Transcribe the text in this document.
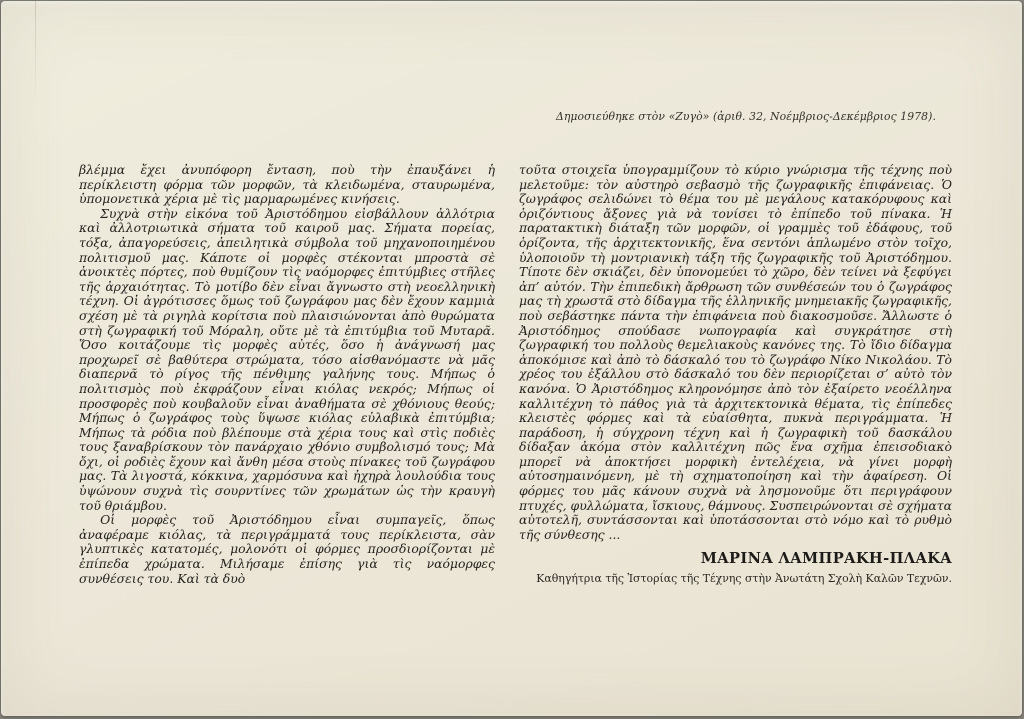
Δημοσιεύθηκε στὸν «Ζυγὸ» (ἀριθ. 32, Νοέμβριος-Δεκέμβριος 1978).

βλέμμα ἔχει ἀνυπόφορη ἔνταση, ποὺ τὴν ἐπαυξάνει ἡ περίκλειστη φόρμα τῶν μορφῶν, τὰ κλειδωμένα, σταυρωμένα, ὑπομονετικὰ χέρια μὲ τὶς μαρμαρωμένες κινήσεις.

Συχνὰ στὴν εἰκόνα τοῦ Ἀριστόδημου εἰσβάλλουν ἀλλότρια καὶ ἀλλοτριωτικὰ σήματα τοῦ καιροῦ μας. Σήματα πορείας, τόξα, ἀπαγορεύσεις, ἀπειλητικὰ σύμβολα τοῦ μηχανοποιημένου πολιτισμοῦ μας. Κάποτε οἱ μορφὲς στέκονται μπροστὰ σὲ ἀνοικτὲς πόρτες, ποὺ θυμίζουν τὶς ναόμορφες ἐπιτύμβιες στῆλες τῆς ἀρχαιότητας. Τὸ μοτίβο δὲν εἶναι ἄγνωστο στὴ νεοελληνικὴ τέχνη. Οἱ ἀγρότισσες ὅμως τοῦ ζωγράφου μας δὲν ἔχουν καμμιὰ σχέση μὲ τὰ ριγηλὰ κορίτσια ποὺ πλαισιώνονται ἀπὸ θυρώματα στὴ ζωγραφική τοῦ Μόραλη, οὔτε μὲ τὰ ἐπιτύμβια τοῦ Μυταρᾶ. Ὅσο κοιτάζουμε τὶς μορφὲς αὐτές, ὅσο ἡ ἀνάγνωσή μας προχωρεῖ σὲ βαθύτερα στρώματα, τόσο αἰσθανόμαστε νὰ μᾶς διαπερνᾶ τὸ ρίγος τῆς πένθιμης γαλήνης τους. Μήπως ὁ πολιτισμὸς ποὺ ἐκφράζουν εἶναι κιόλας νεκρός; Μήπως οἱ προσφορὲς ποὺ κουβαλοῦν εἶναι ἀναθήματα σὲ χθόνιους θεούς; Μήπως ὁ ζωγράφος τοὺς ὕψωσε κιόλας εὐλαβικὰ ἐπιτύμβια; Μήπως τὰ ρόδια ποὺ βλέπουμε στὰ χέρια τους καὶ στὶς ποδιὲς τους ξαναβρίσκουν τὸν πανάρχαιο χθόνιο συμβολισμό τους; Μὰ ὄχι, οἱ ροδιὲς ἔχουν καὶ ἄνθη μέσα στοὺς πίνακες τοῦ ζωγράφου μας. Τὰ λιγοστά, κόκκινα, χαρμόσυνα καὶ ἠχηρὰ λουλούδια τους ὑψώνουν συχνὰ τὶς σουρντίνες τῶν χρωμάτων ὡς τὴν κραυγὴ τοῦ θριάμβου.

Οἱ μορφὲς τοῦ Ἀριστόδημου εἶναι συμπαγεῖς, ὅπως ἀναφέραμε κιόλας, τὰ περιγράμματά τους περίκλειστα, σὰν γλυπτικὲς κατατομές, μολονότι οἱ φόρμες προσδιορίζονται μὲ ἐπίπεδα χρώματα. Μιλήσαμε ἐπίσης γιὰ τὶς ναόμορφες συνθέσεις του. Καὶ τὰ δυὸ

τοῦτα στοιχεῖα ὑπογραμμίζουν τὸ κύριο γνώρισμα τῆς τέχνης ποὺ μελετοῦμε: τὸν αὐστηρὸ σεβασμὸ τῆς ζωγραφικῆς ἐπιφάνειας. Ὁ ζωγράφος σελιδώνει τὸ θέμα του μὲ μεγάλους κατακόρυφους καὶ ὁριζόντιους ἄξονες γιὰ νὰ τονίσει τὸ ἐπίπεδο τοῦ πίνακα. Ἡ παρατακτικὴ διάταξη τῶν μορφῶν, οἱ γραμμὲς τοῦ ἐδάφους, τοῦ ὁρίζοντα, τῆς ἀρχιτεκτονικῆς, ἕνα σεντόνι ἁπλωμένο στὸν τοῖχο, ὑλοποιοῦν τὴ μοντριανικὴ τάξη τῆς ζωγραφικῆς τοῦ Ἀριστόδημου. Τίποτε δὲν σκιάζει, δὲν ὑπονομεύει τὸ χῶρο, δὲν τείνει νὰ ξεφύγει ἀπ’ αὐτόν. Τὴν ἐπιπεδικὴ ἄρθρωση τῶν συνθέσεών του ὁ ζωγράφος μας τὴ χρωστᾶ στὸ δίδαγμα τῆς ἑλληνικῆς μνημειακῆς ζωγραφικῆς, ποὺ σεβάστηκε πάντα τὴν ἐπιφάνεια ποὺ διακοσμοῦσε. Ἄλλωστε ὁ Ἀριστόδημος σπούδασε νωπογραφία καὶ συγκράτησε στὴ ζωγραφική του πολλοὺς θεμελιακοὺς κανόνες της. Τὸ ἴδιο δίδαγμα ἀποκόμισε καὶ ἀπὸ τὸ δάσκαλό του τὸ ζωγράφο Νίκο Νικολάου. Τὸ χρέος του ἐξάλλου στὸ δάσκαλό του δὲν περιορίζεται σ’ αὐτὸ τὸν κανόνα. Ὁ Ἀριστόδημος κληρονόμησε ἀπὸ τὸν ἐξαίρετο νεοέλληνα καλλιτέχνη τὸ πάθος γιὰ τὰ ἀρχιτεκτονικὰ θέματα, τὶς ἐπίπεδες κλειστὲς φόρμες καὶ τὰ εὐαίσθητα, πυκνὰ περιγράμματα. Ἡ παράδοση, ἡ σύγχρονη τέχνη καὶ ἡ ζωγραφικὴ τοῦ δασκάλου δίδαξαν ἀκόμα στὸν καλλιτέχνη πῶς ἕνα σχῆμα ἐπεισοδιακὸ μπορεῖ νὰ ἀποκτήσει μορφικὴ ἐντελέχεια, νὰ γίνει μορφὴ αὐτοσημαινόμενη, μὲ τὴ σχηματοποίηση καὶ τὴν ἀφαίρεση. Οἱ φόρμες του μᾶς κάνουν συχνὰ νὰ λησμονοῦμε ὅτι περιγράφουν πτυχές, φυλλώματα, ἴσκιους, θάμνους. Συσπειρώνονται σὲ σχήματα αὐτοτελῆ, συντάσσονται καὶ ὑποτάσσονται στὸ νόμο καὶ τὸ ρυθμὸ τῆς σύνθεσης ...

ΜΑΡΙΝΑ ΛΑΜΠΡΑΚΗ-ΠΛΑΚΑ
Καθηγήτρια τῆς Ἱστορίας τῆς Τέχνης στὴν Ἀνωτάτη Σχολὴ Καλῶν Τεχνῶν.
